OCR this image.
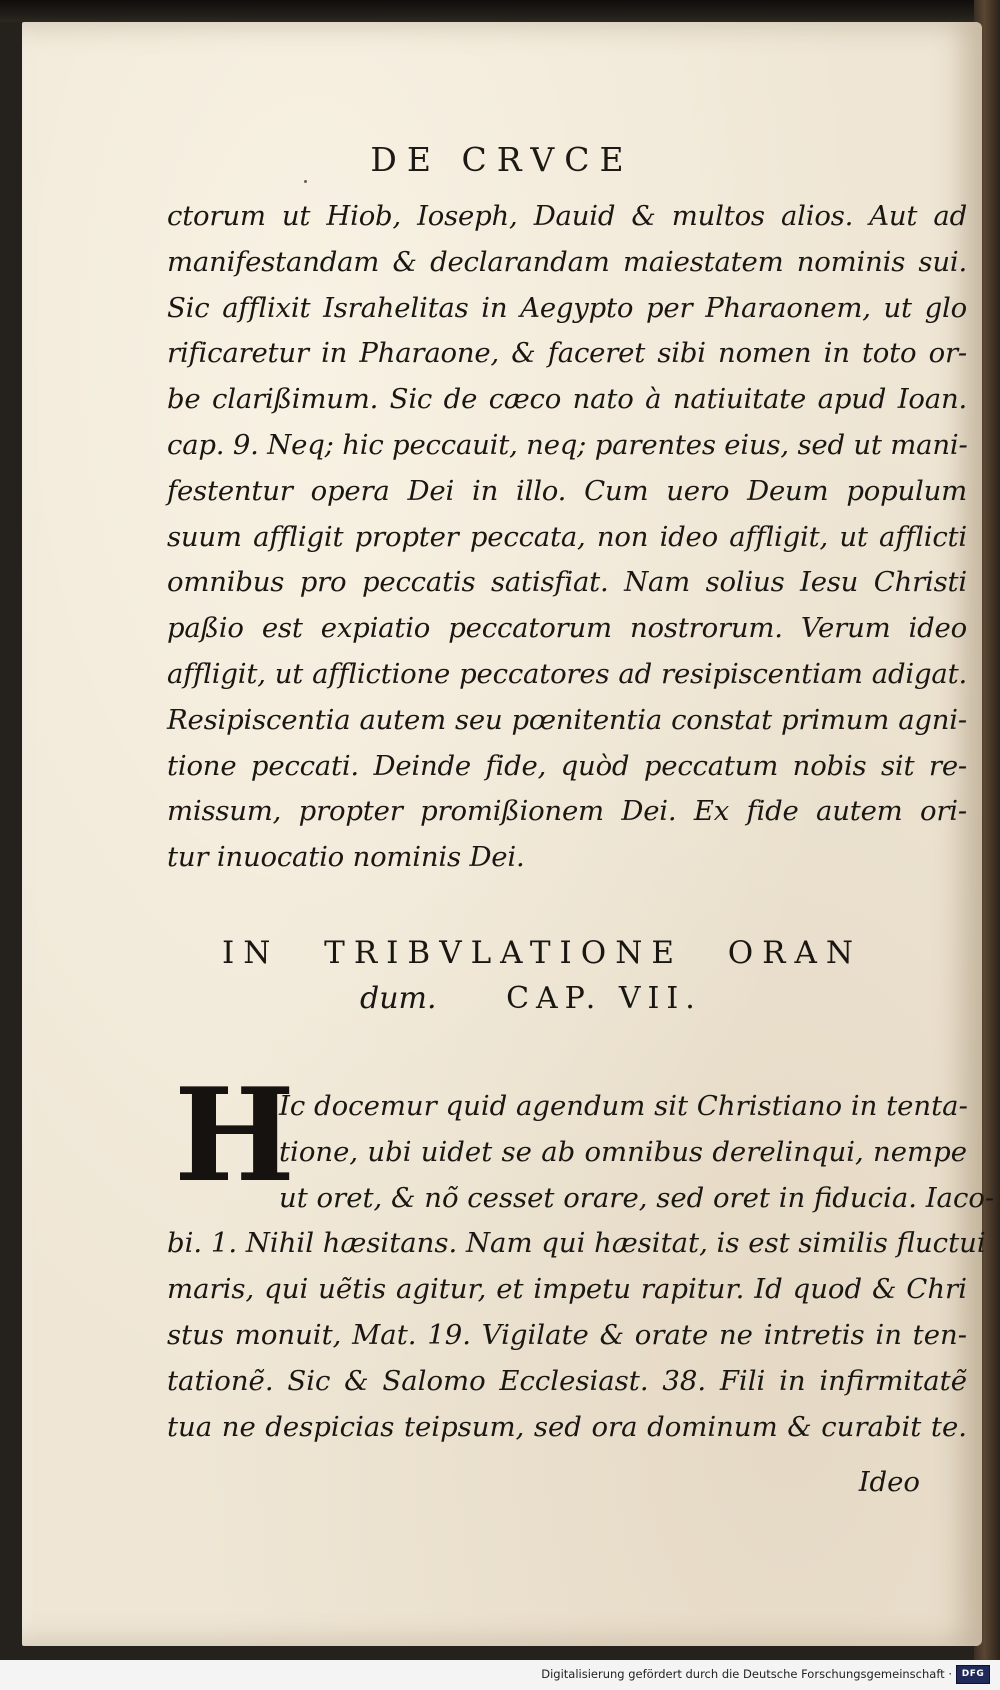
DE CRVCE
ctorum ut Hiob, Ioseph, Dauid & multos alios. Aut ad
manifestandam & declarandam maiestatem nominis sui.
Sic afflixit Israhelitas in Aegypto per Pharaonem, ut glo
rificaretur in Pharaone, & faceret sibi nomen in toto or-
be clarißimum. Sic de cæco nato à natiuitate apud Ioan.
cap. 9. Neq; hic peccauit, neq; parentes eius, sed ut mani-
festentur opera Dei in illo. Cum uero Deum populum
suum affligit propter peccata, non ideo affligit, ut afflicti
omnibus pro peccatis satisfiat. Nam solius Iesu Christi
paßio est expiatio peccatorum nostrorum. Verum ideo
affligit, ut afflictione peccatores ad resipiscentiam adigat.
Resipiscentia autem seu pœnitentia constat primum agni-
tione peccati. Deinde fide, quòd peccatum nobis sit re-
missum, propter promißionem Dei. Ex fide autem ori-
tur inuocatio nominis Dei.
IN TRIBVLATIONE ORAN
dum. CAP. VII.
H
Ic docemur quid agendum sit Christiano in tenta-
tione, ubi uidet se ab omnibus derelinqui, nempe
ut oret, & nõ cesset orare, sed oret in fiducia. Iaco-
bi. 1. Nihil hæsitans. Nam qui hæsitat, is est similis fluctui
maris, qui uẽtis agitur, et impetu rapitur. Id quod & Chri
stus monuit, Mat. 19. Vigilate & orate ne intretis in ten-
tationẽ. Sic & Salomo Ecclesiast. 38. Fili in infirmitatẽ
tua ne despicias teipsum, sed ora dominum & curabit te.
Ideo
Digitalisierung gefördert durch die Deutsche Forschungsgemeinschaft ·	DFG
